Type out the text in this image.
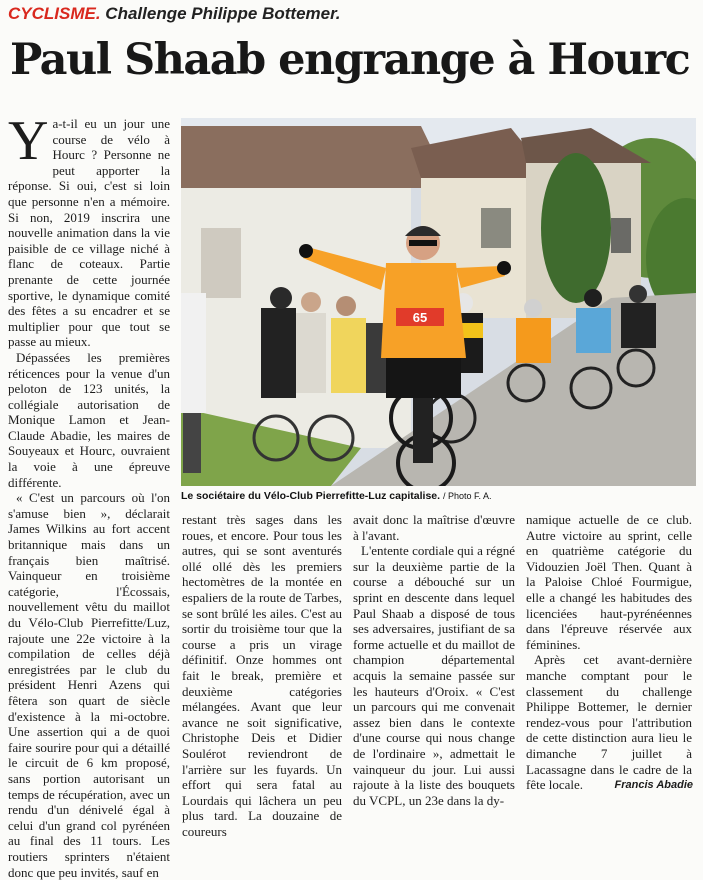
CYCLISME. Challenge Philippe Bottemer.
Paul Shaab engrange à Hourc

Ya-t-il eu un jour une course de vélo à Hourc ? Personne ne peut apporter la réponse. Si oui, c'est si loin que personne n'en a mémoire. Si non, 2019 inscrira une nouvelle animation dans la vie paisible de ce village niché à flanc de coteaux. Partie prenante de cette journée sportive, le dynamique comité des fêtes a su encadrer et se multiplier pour que tout se passe au mieux.

Dépassées les premières réticences pour la venue d'un peloton de 123 unités, la collégiale autorisation de Monique Lamon et Jean-Claude Abadie, les maires de Souyeaux et Hourc, ouvraient la voie à une épreuve différente.

« C'est un parcours où l'on s'amuse bien », déclarait James Wilkins au fort accent britannique mais dans un français bien maîtrisé. Vainqueur en troisième catégorie, l'Écossais, nouvellement vêtu du maillot du Vélo-Club Pierrefitte/Luz, rajoute une 22e victoire à la compilation de celles déjà enregistrées par le club du président Henri Azens qui fêtera son quart de siècle d'existence à la mi-octobre. Une assertion qui a de quoi faire sourire pour qui a détaillé le circuit de 6 km proposé, sans portion autorisant un temps de récupération, avec un rendu d'un dénivelé égal à celui d'un grand col pyrénéen au final des 11 tours. Les routiers sprinters n'étaient donc que peu invités, sauf en

65
Le sociétaire du Vélo-Club Pierrefitte-Luz capitalise. / Photo F. A.

restant très sages dans les roues, et encore. Pour tous les autres, qui se sont aventurés ollé ollé dès les premiers hectomètres de la montée en espaliers de la route de Tarbes, se sont brûlé les ailes. C'est au sortir du troisième tour que la course a pris un virage définitif. Onze hommes ont fait le break, première et deuxième catégories mélangées. Avant que leur avance ne soit significative, Christophe Deis et Didier Soulérot reviendront de l'arrière sur les fuyards. Un effort qui sera fatal au Lourdais qui lâchera un peu plus tard. La douzaine de coureurs

avait donc la maîtrise d'œuvre à l'avant.

L'entente cordiale qui a régné sur la deuxième partie de la course a débouché sur un sprint en descente dans lequel Paul Shaab a disposé de tous ses adversaires, justifiant de sa forme actuelle et du maillot de champion départemental acquis la semaine passée sur les hauteurs d'Oroix. « C'est un parcours qui me convenait assez bien dans le contexte d'une course qui nous change de l'ordinaire », admettait le vainqueur du jour. Lui aussi rajoute à la liste des bouquets du VCPL, un 23e dans la dy-

namique actuelle de ce club. Autre victoire au sprint, celle en quatrième catégorie du Vidouzien Joël Then. Quant à la Paloise Chloé Fourmigue, elle a changé les habitudes des licenciées haut-pyrénéennes dans l'épreuve réservée aux féminines.

Après cet avant-dernière manche comptant pour le classement du challenge Philippe Bottemer, le dernier rendez-vous pour l'attribution de cette distinction aura lieu le dimanche 7 juillet à Lacassagne dans le cadre de la fête locale.	Francis Abadie
